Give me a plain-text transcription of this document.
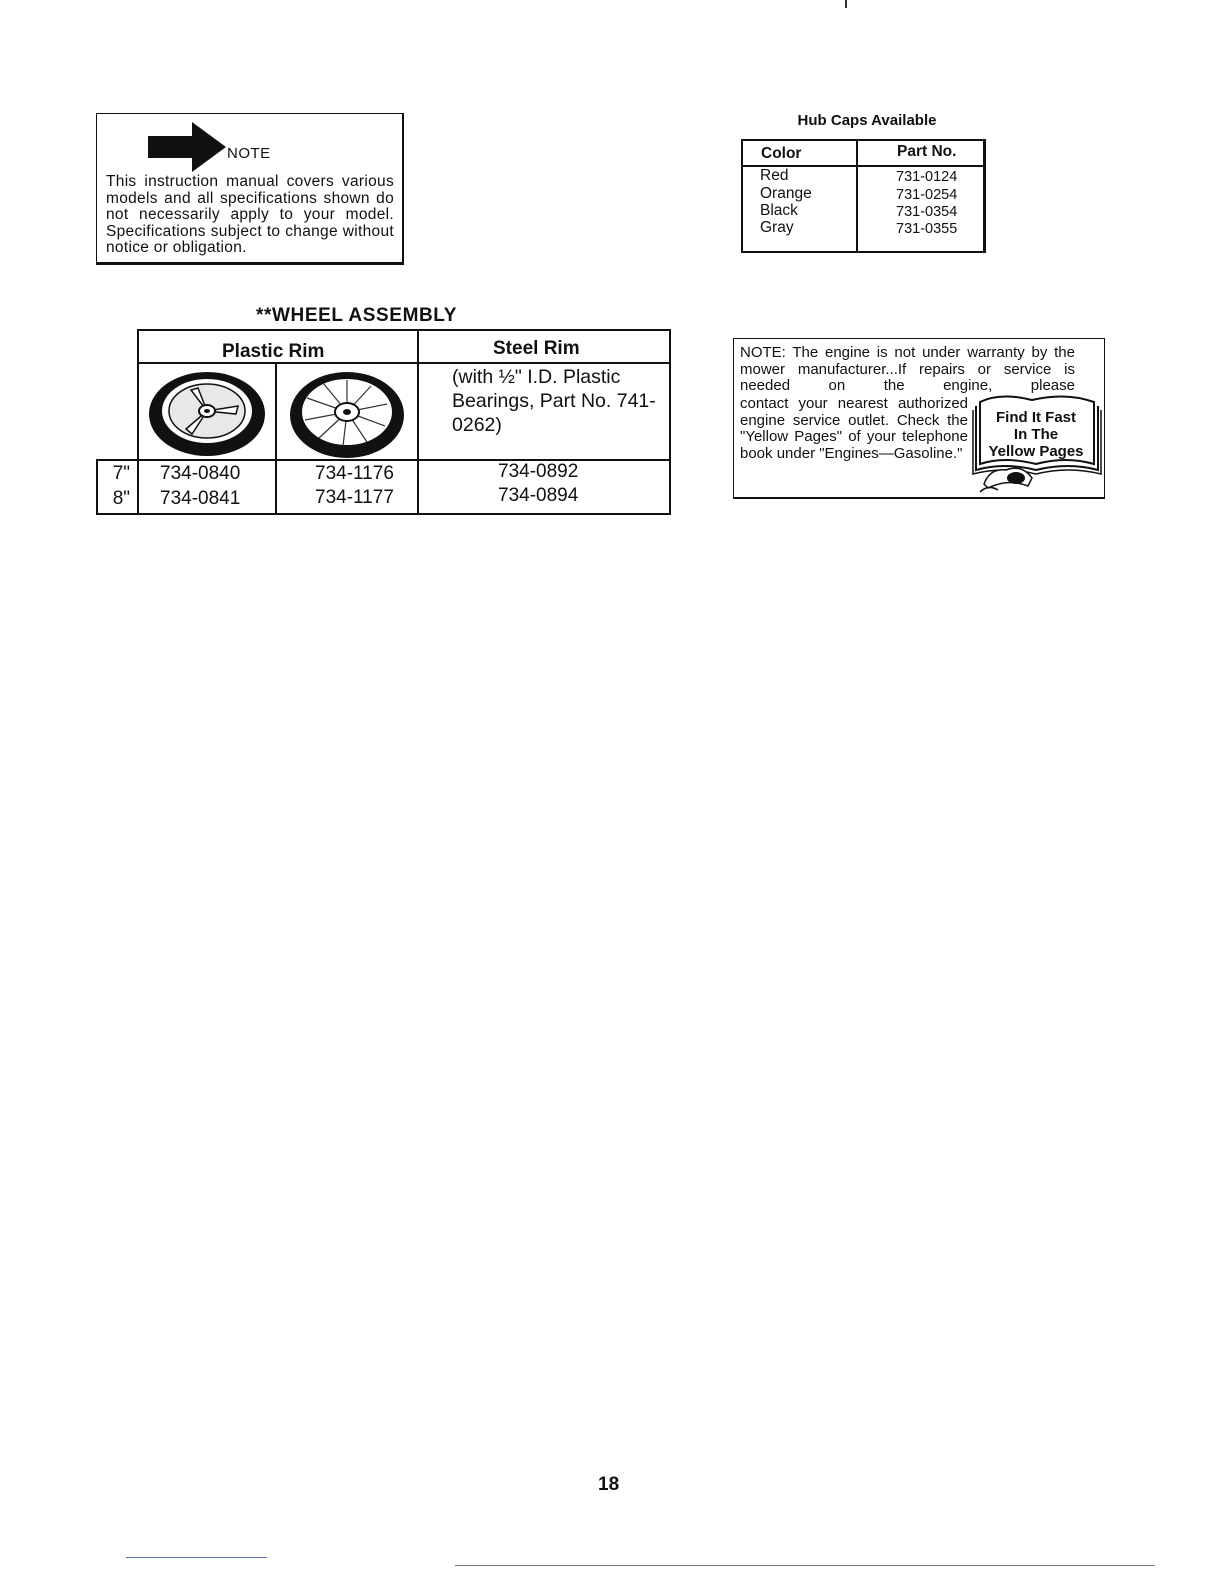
NOTE
This instruction manual covers various models and all specifications shown do not necessarily apply to your model. Specifications subject to change without notice or obligation.
Hub Caps Available
Color	Part No.
Red	731-0124
Orange	731-0254
Black	731-0354
Gray	731-0355
**WHEEL ASSEMBLY
Plastic Rim	Steel Rim
(with ½" I.D. Plastic Bearings, Part No. 741-0262)
7" 734-0840	734-1176	734-0892
8" 734-0841	734-1177	734-0894
NOTE: The engine is not under warranty by the mower manufacturer...If repairs or service is needed on the engine, please
contact your nearest authorized engine service outlet. Check the "Yellow Pages" of your telephone book under "Engines—Gasoline."
Find It Fast
In The
Yellow Pages
18
